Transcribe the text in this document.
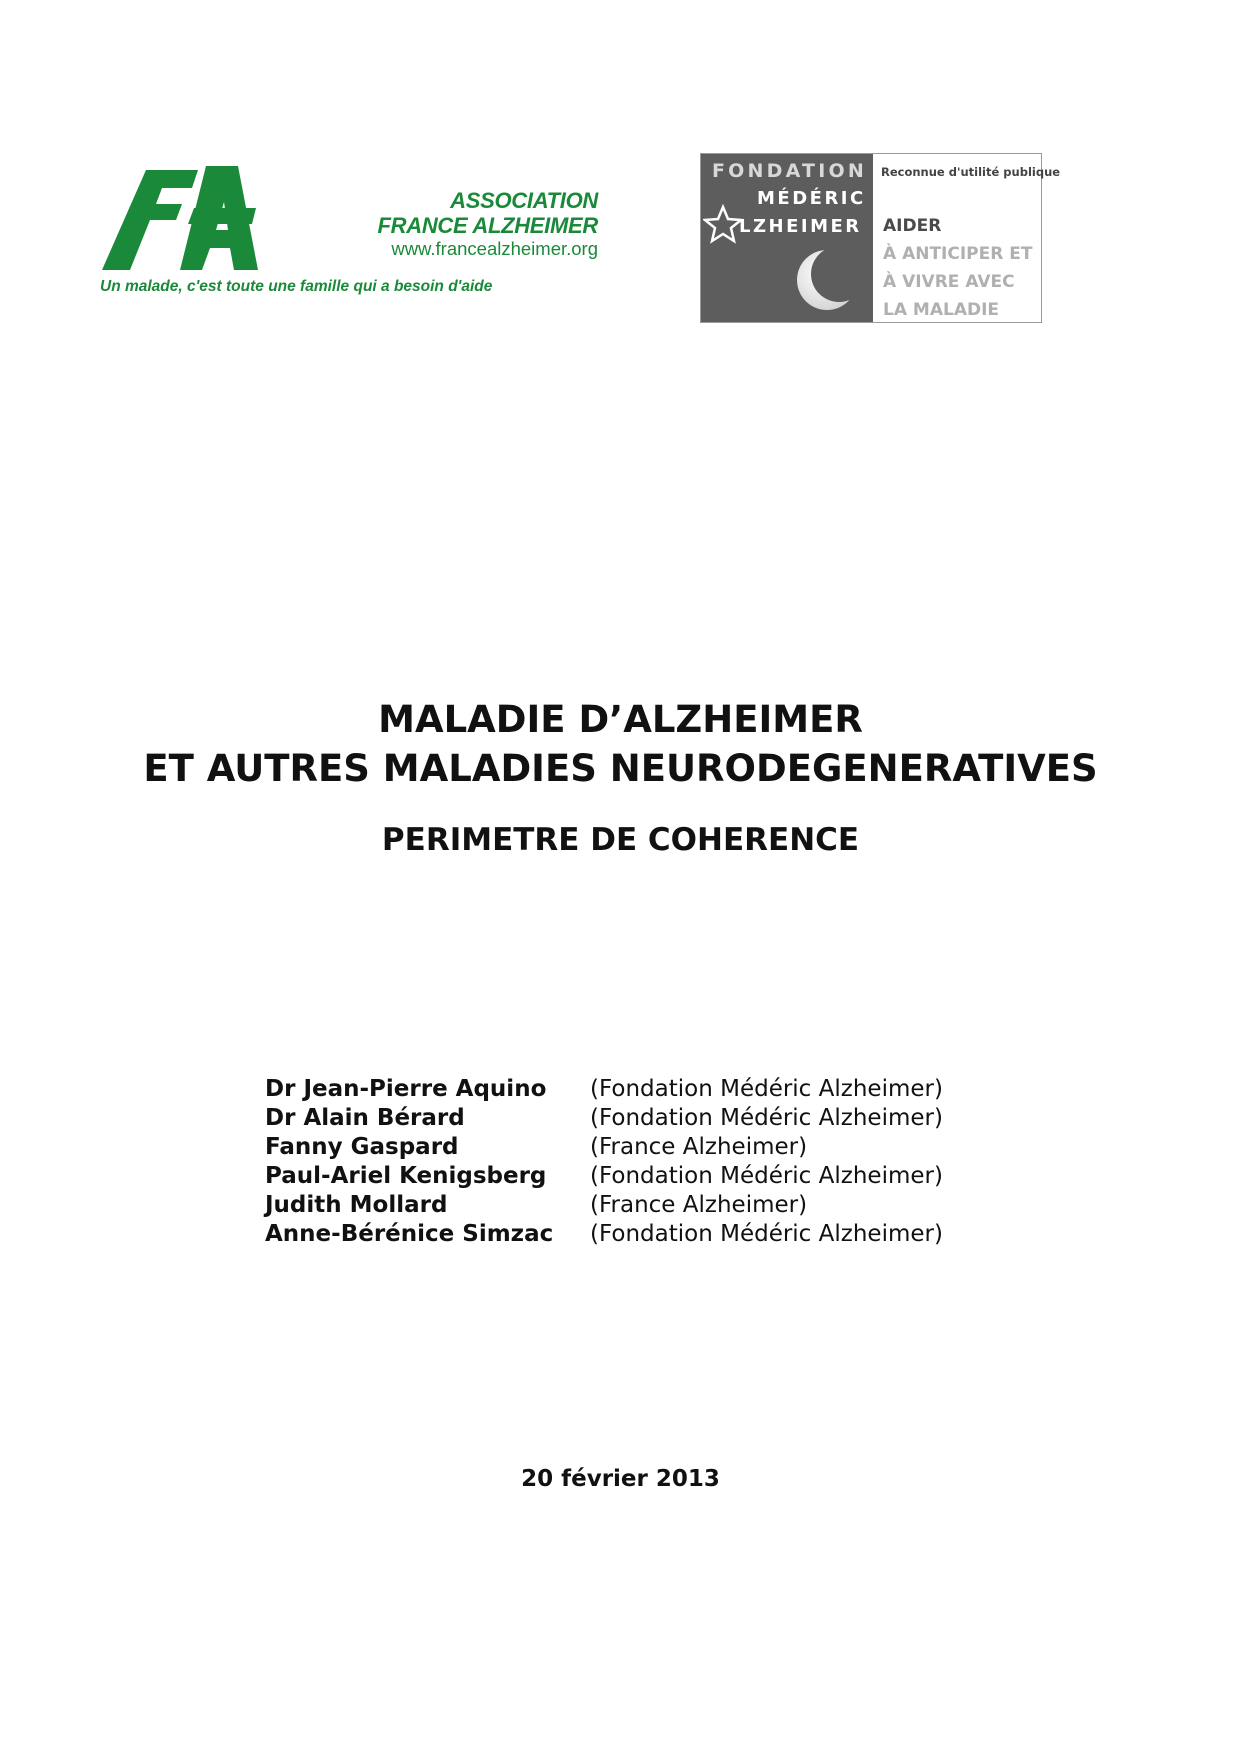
ASSOCIATION
FRANCE ALZHEIMER
www.francealzheimer.org
Un malade, c'est toute une famille qui a besoin d'aide
FONDATION
MÉDÉRIC
LZHEIMER
Reconnue d'utilité publique
AIDER
À ANTICIPER ET
À VIVRE AVEC
LA MALADIE
MALADIE D’ALZHEIMER
ET AUTRES MALADIES NEURODEGENERATIVES
PERIMETRE DE COHERENCE
Dr Jean-Pierre Aquino (Fondation Médéric Alzheimer)
Dr Alain Bérard	(Fondation Médéric Alzheimer)
Fanny Gaspard	(France Alzheimer)
Paul-Ariel Kenigsberg (Fondation Médéric Alzheimer)
Judith Mollard	(France Alzheimer)
Anne-Bérénice Simzac (Fondation Médéric Alzheimer)
20 février 2013
